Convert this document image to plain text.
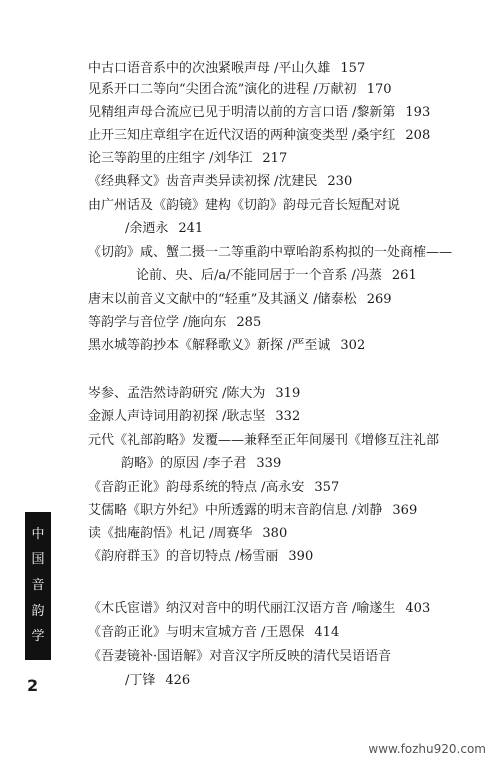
中古口语音系中的次浊紧喉声母 /平山久雄 157
见系开口二等向“尖团合流”演化的进程 /万献初 170
见精组声母合流应已见于明清以前的方言口语 /黎新第 193
止开三知庄章组字在近代汉语的两种演变类型 /桑宇红 208
论三等韵里的庄组字 /刘华江 217
《经典释文》齿音声类异读初探 /沈建民 230
由广州话及《韵镜》建构《切韵》韵母元音长短配对说
/余迺永 241
《切韵》咸、蟹二摄一二等重韵中覃咍韵系构拟的一处商榷——
论前、央、后/a/不能同居于一个音系 /冯蒸 261
唐末以前音义文献中的“轻重”及其涵义 /储泰松 269
等韵学与音位学 /施向东 285
黑水城等韵抄本《解释歌义》新探 /严至诚 302
岑参、孟浩然诗韵研究 /陈大为 319
金源人声诗词用韵初探 /耿志坚 332
元代《礼部韵略》发覆——兼释至正年间屡刊《增修互注礼部
韵略》的原因 /李子君 339
《音韵正讹》韵母系统的特点 /高永安 357
艾儒略《职方外纪》中所透露的明末音韵信息 /刘静 369
读《拙庵韵悟》札记 /周赛华 380
《韵府群玉》的音切特点 /杨雪丽 390
《木氏宦谱》纳汉对音中的明代丽江汉语方音 /喻遂生 403
《音韵正讹》与明末宣城方音 /王恩保 414
《吾妻镜补·国语解》对音汉字所反映的清代吴语语音
/丁锋 426
中
国
音
韵
学
2
www.fozhu920.com
